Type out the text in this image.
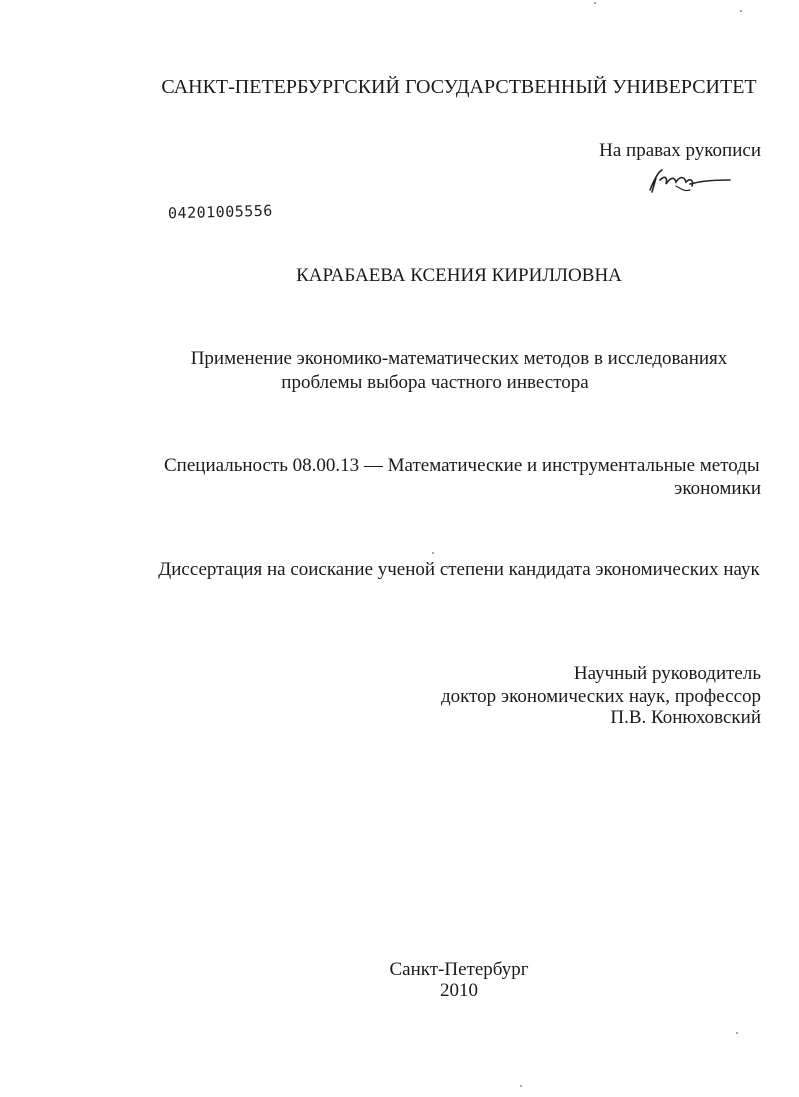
САНКТ-ПЕТЕРБУРГСКИЙ ГОСУДАРСТВЕННЫЙ УНИВЕРСИТЕТ
На правах рукописи
04201005556
КАРАБАЕВА КСЕНИЯ КИРИЛЛОВНА
Применение экономико-математических методов в исследованиях
проблемы выбора частного инвестора
Специальность 08.00.13 — Математические и инструментальные методы
экономики
Диссертация на соискание ученой степени кандидата экономических наук
Научный руководитель
доктор экономических наук, профессор
П.В. Конюховский
Санкт-Петербург
2010
